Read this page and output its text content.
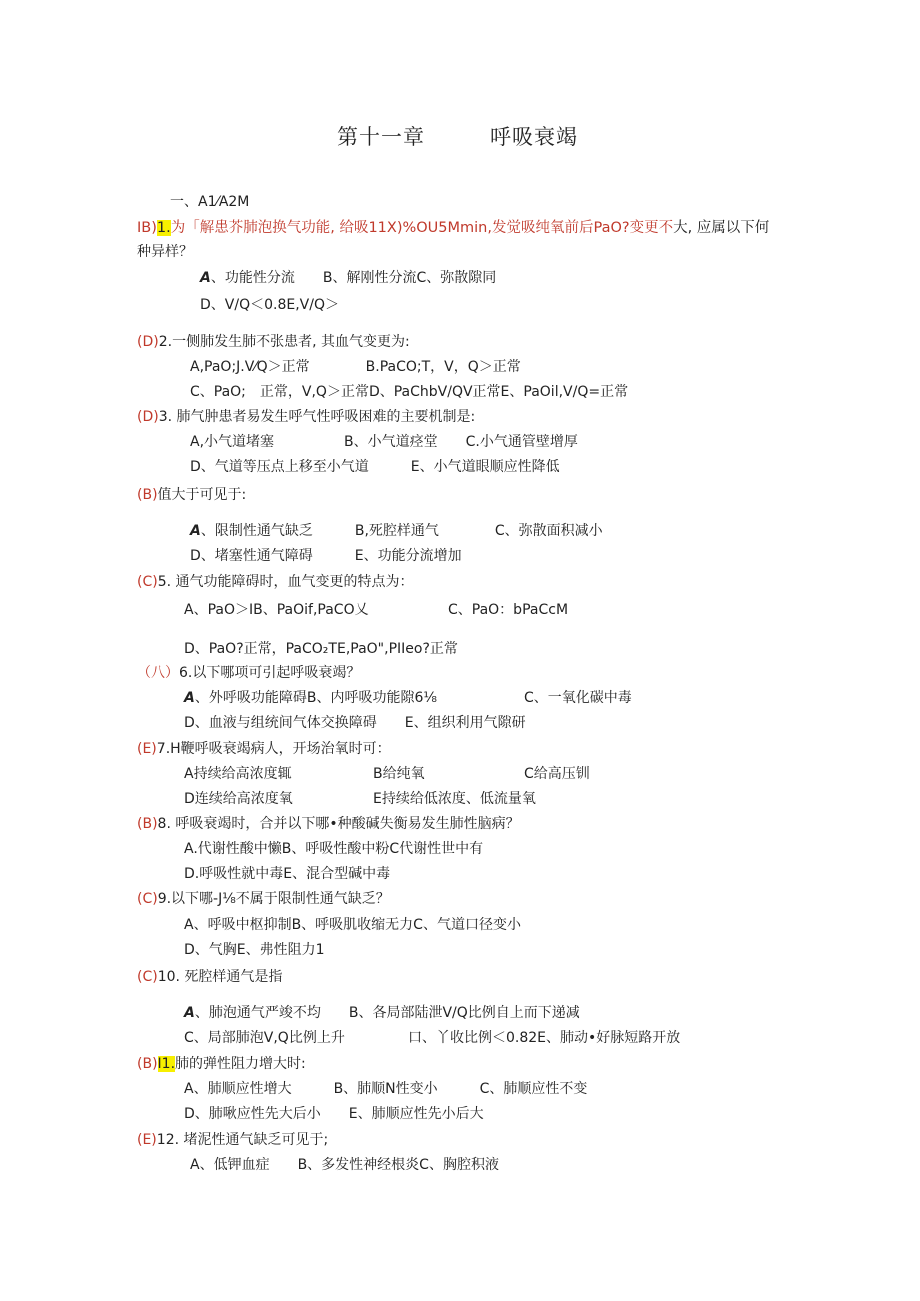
第十一章	呼吸衰竭
一、A1⁄A2M
IB)1.为「解患芥肺泡换气功能, 给吸11X)%OU5Mmin,发觉吸纯氧前后PaO?变更不大, 应属以下何
种异样？
A、功能性分流　　B、解刚性分流C、弥散隙同
D、V/Q＜0.8E,V/Q＞
(D)2.一侧肺发生肺不张患者, 其血气变更为:
A,PaO;J.V⁄Q＞正常　　　　B.PaCO;T，V，Q＞正常
C、PaO;　正常，V,Q＞正常D、PaChbV/QV正常E、PaOil,V/Q=正常
(D)3. 肺气肿患者易发生呼气性呼吸困难的主要机制是:
A,小气道堵塞　　　　　B、小气道痉堂　　C.小气通管壁增厚
D、气道等压点上移至小气道　　　E、小气道眼顺应性降低
(B)值大于可见于:
A、限制性通气缺乏　　　B,死腔样通气　　　　C、弥散面积减小
D、堵塞性通气障碍　　　E、功能分流增加
(C)5. 通气功能障碍时，血气变更的特点为：
A、PaO＞IB、PaOif,PaCO乂	C、PaO：bPaCcM
D、PaO?正常，PaCO₂TE,PaO",PIIeo?正常
（八）6.以下哪项可引起呼吸衰竭？
A、外呼吸功能障碍B、内呼吸功能隙6⅛	C、一氧化碳中毒
D、血液与组统间气体交换障碍　　E、组织利用气隙研
(E)7.H鞭呼吸衰竭病人，开场治氧时可：
A持续给高浓度辄	B给纯氧	C给高压钏
D连续给高浓度氧	E持续给低浓度、低流量氧
(B)8. 呼吸衰竭时，合并以下哪•种酸碱失衡易发生肺性脑病？
A.代谢性酸中懒B、呼吸性酸中粉C代谢性世中有
D.呼吸性就中毒E、混合型碱中毒
(C)9.以下哪-J⅛不属于限制性通气缺乏？
A、呼吸中枢抑制B、呼吸肌收缩无力C、气道口径变小
D、气胸E、弗性阻力1
(C)10. 死腔样通气是指
A、肺泡通气严竣不均　　B、各局部陆泄V/Q比例自上而下递减
C、局部肺泡V,Q比例上升	口、丫收比例＜0.82E、肺动•好脉短路开放
(B)I1.肺的弹性阻力增大时:
A、肺顺应性增大　　　B、肺顺N性变小　　　C、肺顺应性不变
D、肺啾应性先大后小　　E、肺顺应性先小后大
(E)12. 堵泥性通气缺乏可见于;
A、低钾血症　　B、多发性神经根炎C、胸腔积液
